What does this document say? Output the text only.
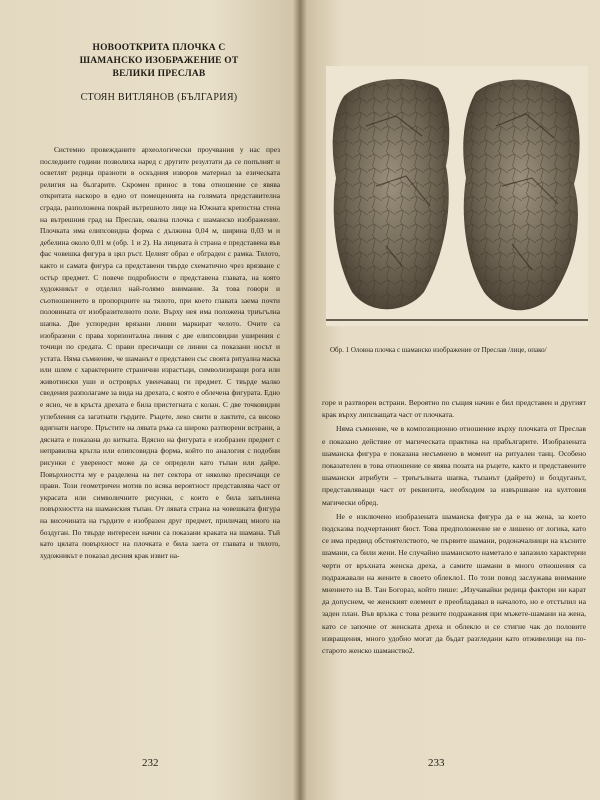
НОВООТКРИТА ПЛОЧКА С ШАМАНСКО ИЗОБРАЖЕНИЕ ОТ ВЕЛИКИ ПРЕСЛАВ
СТОЯН ВИТЛЯНОВ (БЪЛГАРИЯ)
Системно провежданите археологически проучвания у нас през последните години позволиха наред с другите резултати да се попълнят и осветлят редица празноти в оскъдния изворов материал за езическата религия на българите. Скромен принос в това отношение се явява откритата наскоро в едно от помещенията на голямата представителна сграда, разположена покрай вътрешното лице на Южната крепостна стена на вътрешния град на Преслав, овална плочка с шаманско изображение. Плочката има елипсовидна форма с дължина 0,04 м, ширина 0,03 м и дебелина около 0,01 м (обр. 1 и 2). На лицевата ѝ страна е представена във фас човешка фигура в цял ръст. Целият образ е обграден с рамка. Тялото, както и самата фигура са представени твърде схематично чрез врязване с остър предмет. С повече подробности е представена главата, на която художникът е отделил най-голямо внимание. За това говори и съотношението в пропорциите на тялото, при което главата заема почти половината от изобразителното поле. Върху нея има положена триъгълна шапка. Две успоредни врязани линии маркират челото. Очите са изобразени с права хоризонтална линия с две елипсовидни уширения с точици по средата. С прави пресичащи се линии са показани носът и устата. Няма съмнение, че шаманът е представен със своята ритуална маска или шлем с характерните странични израстъци, символизиращи рога или животински уши и островръх увенчаващ ги предмет. С твърде малко сведения разполагаме за вида на дрехата, с която е облечена фигурата. Едно е ясно, че в кръста дрехата е била пристегната с колан. С две точковидни углебления са загатнати гърдите. Ръцете, леко свити в лактите, са високо вдигнати нагоре. Пръстите на лявата ръка са широко разтворени встрани, а дясната е показана до китката. Вдясно на фигурата е изобразен предмет с неправилна кръгла или елипсовидна форма, който по аналогия с подобни рисунки с увереност може да се определи като тъпан или дайре. Повърхността му е разделена на пет сектора от няколко пресичащи се прави. Този геометричен мотив по всяка вероятност представлява част от украсата или символичните рисунки, с които е била запълнена повърхността на шаманския тъпан. От лявата страна на човешката фигура на височината на гърдите е изобразен друг предмет, приличащ много на боздуган. По твърде интересен начин са показани краката на шамана. Тъй като цялата повърхност на плочката е била заета от главата и тялото, художникът е показал десния крак извит на-
232
Обр. 1 Оловна плочка с шаманско изображение от Преслав /лице, опако/

горе и разтворен встрани. Вероятно по същия начин е бил представен и другият крак върху липсващата част от плочката.

Няма съмнение, че в композиционно отношение върху плочката от Преслав е показано действие от магическата практика на прабългарите. Изобразената шаманска фигура е показана несъмнено в момент на ритуален танц. Особено показателен в това отношение се явява позата на ръцете, както и представените шамански атрибути – триъгълната шапка, тъпанът (дайрето) и боздуганът, представляващи част от реквизита, необходим за извършване на култовия магически обред.

Не е изключено изобразената шаманска фигура да е на жена, за което подсказва подчертаният бюст. Това предположение не е лишено от логика, като се има предвид обстоятелството, че първите шамани, родоначалници на късните шамани, са били жени. Не случайно шаманското наметало е запазило характерни черти от връхната женска дреха, а самите шамани в много отношения са подражавали на жените в своето облекло1. По този повод заслужава внимание мнението на В. Тан Богораз, който пише: „Изучавайки редица фактори ни карат да допуснем, че женският елемент е преобладавал в началото, но е отстъпил на заден план. Във връзка с това резките подражания при мъжете-шамани на жена, като се започне от женската дреха и облекло и се стигне чак до половите извращения, много удобно могат да бъдат разгледани като отживелици на по-старото женско шаманство2.

233
